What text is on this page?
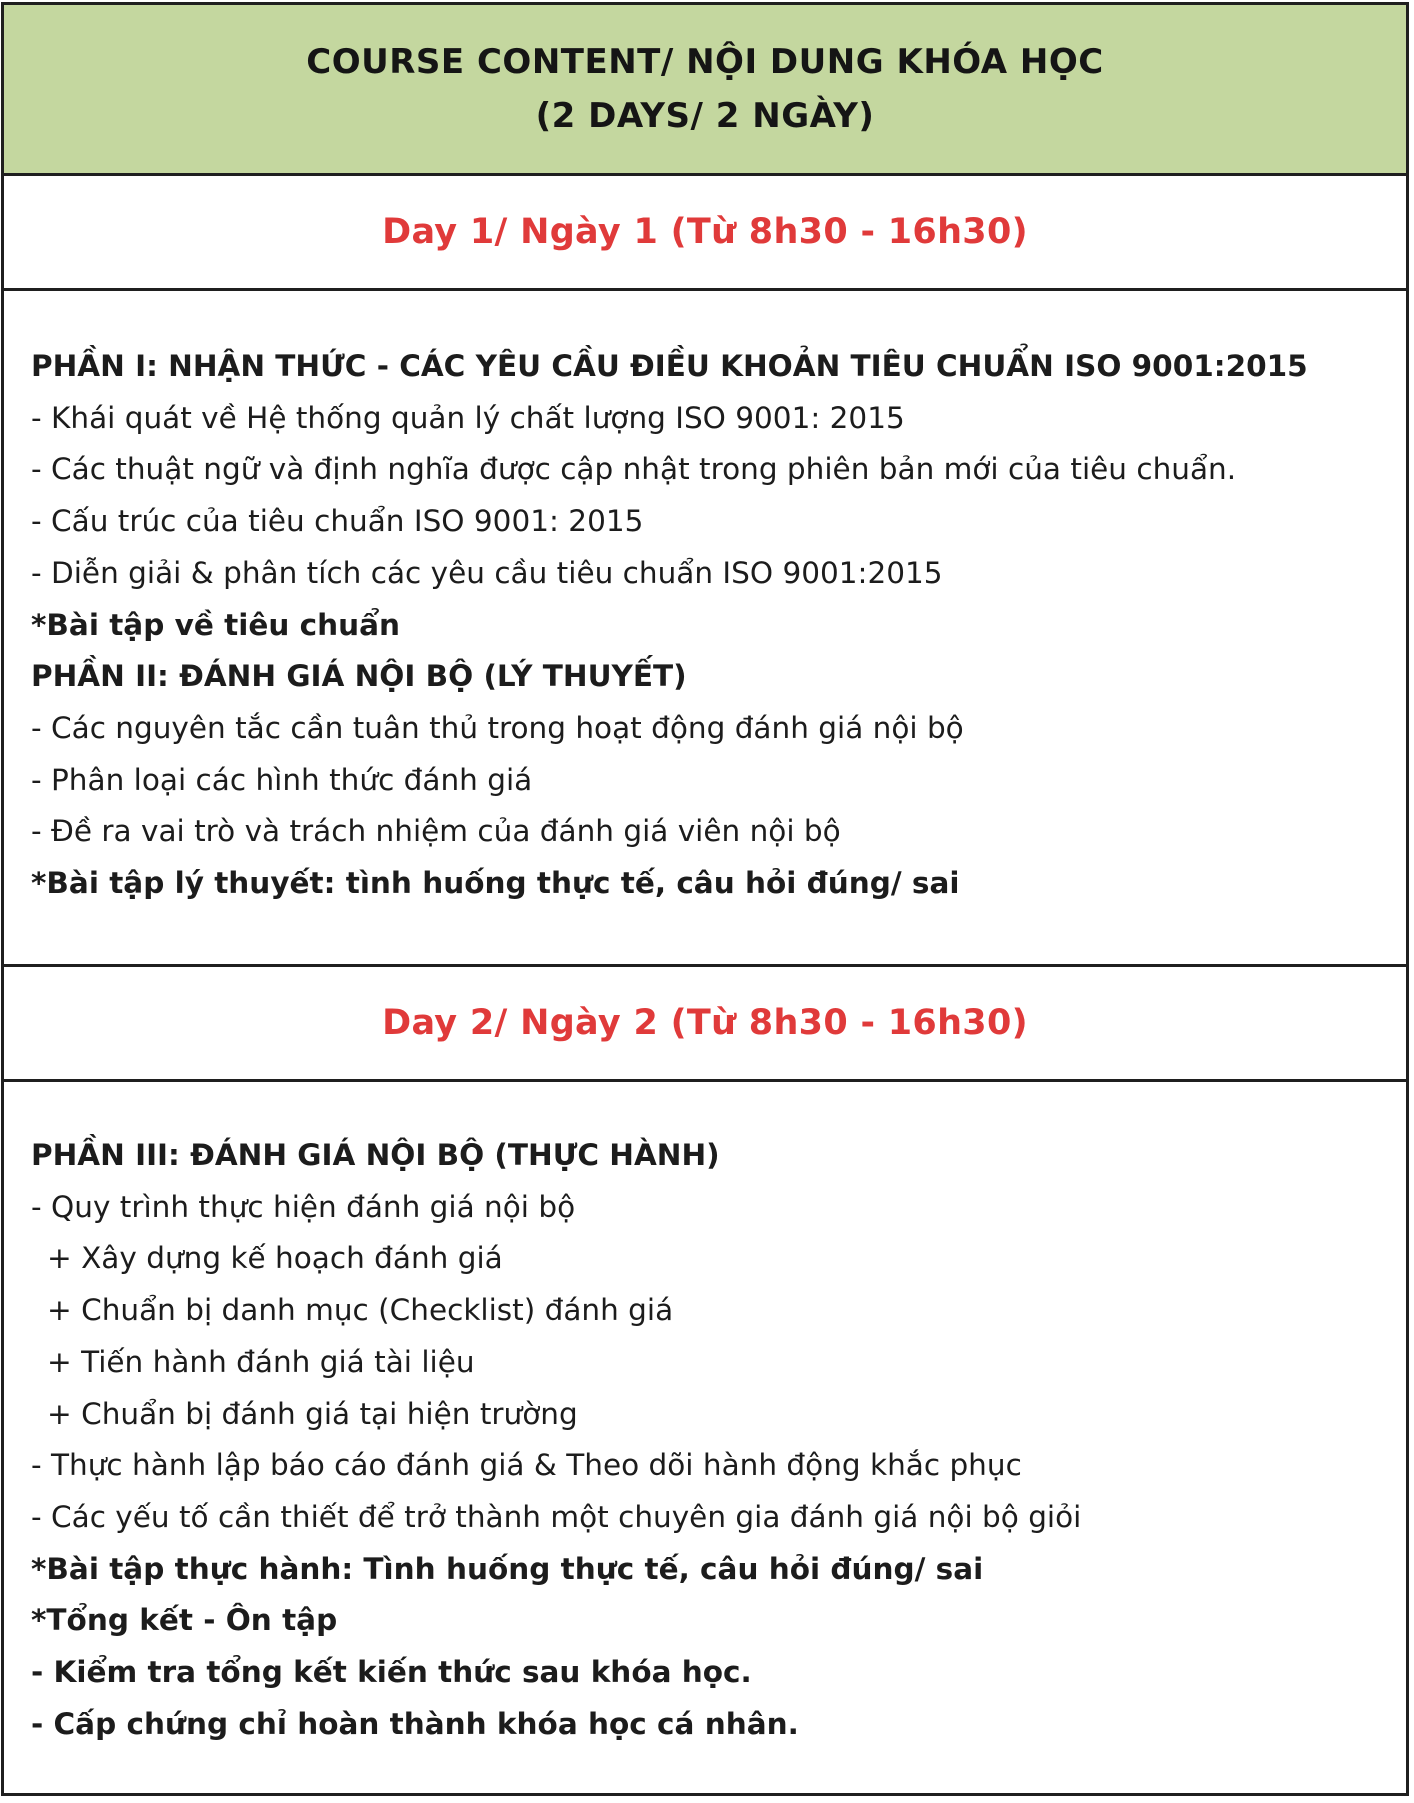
COURSE CONTENT/ NỘI DUNG KHÓA HỌC
(2 DAYS/ 2 NGÀY)
Day 1/ Ngày 1 (Từ 8h30 - 16h30)
PHẦN I: NHẬN THỨC - CÁC YÊU CẦU ĐIỀU KHOẢN TIÊU CHUẨN ISO 9001:2015
- Khái quát về Hệ thống quản lý chất lượng ISO 9001: 2015
- Các thuật ngữ và định nghĩa được cập nhật trong phiên bản mới của tiêu chuẩn.
- Cấu trúc của tiêu chuẩn ISO 9001: 2015
- Diễn giải & phân tích các yêu cầu tiêu chuẩn ISO 9001:2015
*Bài tập về tiêu chuẩn
PHẦN II: ĐÁNH GIÁ NỘI BỘ (LÝ THUYẾT)
- Các nguyên tắc cần tuân thủ trong hoạt động đánh giá nội bộ
- Phân loại các hình thức đánh giá
- Đề ra vai trò và trách nhiệm của đánh giá viên nội bộ
*Bài tập lý thuyết: tình huống thực tế, câu hỏi đúng/ sai
Day 2/ Ngày 2 (Từ 8h30 - 16h30)
PHẦN III: ĐÁNH GIÁ NỘI BỘ (THỰC HÀNH)
- Quy trình thực hiện đánh giá nội bộ
+ Xây dựng kế hoạch đánh giá
+ Chuẩn bị danh mục (Checklist) đánh giá
+ Tiến hành đánh giá tài liệu
+ Chuẩn bị đánh giá tại hiện trường
- Thực hành lập báo cáo đánh giá & Theo dõi hành động khắc phục
- Các yếu tố cần thiết để trở thành một chuyên gia đánh giá nội bộ giỏi
*Bài tập thực hành: Tình huống thực tế, câu hỏi đúng/ sai
*Tổng kết - Ôn tập
- Kiểm tra tổng kết kiến thức sau khóa học.
- Cấp chứng chỉ hoàn thành khóa học cá nhân.
